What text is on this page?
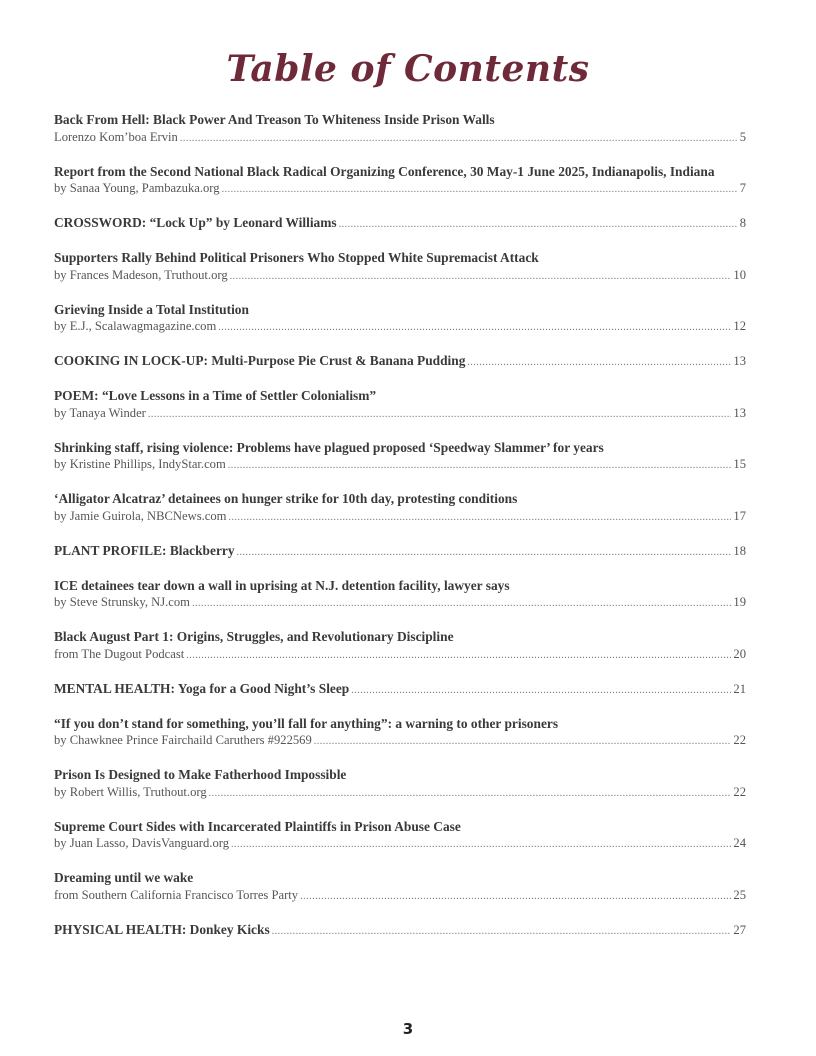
Table of Contents
Back From Hell: Black Power And Treason To Whiteness Inside Prison Walls
Lorenzo Kom’boa Ervin .....	5
Report from the Second National Black Radical Organizing Conference, 30 May-1 June 2025, Indianapolis, Indiana
by Sanaa Young, Pambazuka.org .....	7
CROSSWORD: “Lock Up” by Leonard Williams .....	8
Supporters Rally Behind Political Prisoners Who Stopped White Supremacist Attack
by Frances Madeson, Truthout.org .....	10
Grieving Inside a Total Institution
by E.J., Scalawagmagazine.com .....	12
COOKING IN LOCK-UP: Multi-Purpose Pie Crust & Banana Pudding .....	13
POEM: “Love Lessons in a Time of Settler Colonialism”
by Tanaya Winder .....	13
Shrinking staff, rising violence: Problems have plagued proposed ‘Speedway Slammer’ for years
by Kristine Phillips, IndyStar.com .....	15
‘Alligator Alcatraz’ detainees on hunger strike for 10th day, protesting conditions
by Jamie Guirola, NBCNews.com .....	17
PLANT PROFILE: Blackberry .....	18
ICE detainees tear down a wall in uprising at N.J. detention facility, lawyer says
by Steve Strunsky, NJ.com .....	19
Black August Part 1: Origins, Struggles, and Revolutionary Discipline
from The Dugout Podcast .....	20
MENTAL HEALTH: Yoga for a Good Night’s Sleep .....	21
“If you don’t stand for something, you’ll fall for anything”: a warning to other prisoners
by Chawknee Prince Fairchaild Caruthers #922569 .....	22
Prison Is Designed to Make Fatherhood Impossible
by Robert Willis, Truthout.org .....	22
Supreme Court Sides with Incarcerated Plaintiffs in Prison Abuse Case
by Juan Lasso, DavisVanguard.org .....	24
Dreaming until we wake
from Southern California Francisco Torres Party .....	25
PHYSICAL HEALTH: Donkey Kicks .....	27
3
